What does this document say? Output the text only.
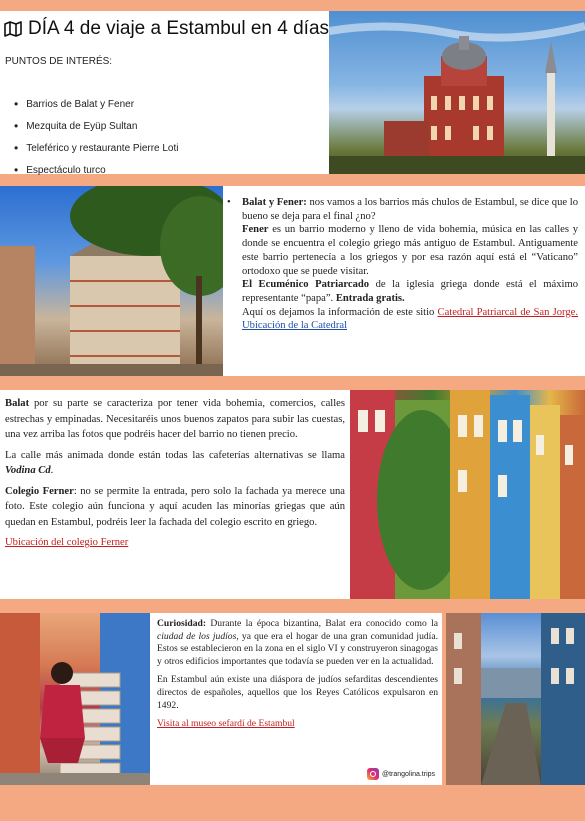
DÍA 4 de viaje a Estambul en 4 días
PUNTOS DE INTERÉS:
• Barrios de Balat y Fener
• Mezquita de Eyüp Sultan
• Teleférico y restaurante Pierre Loti
• Espectáculo turco
• Balat y Fener: nos vamos a los barrios más chulos de Estambul, se dice que lo bueno se deja para el final ¿no?
Fener es un barrio moderno y lleno de vida bohemia, música en las calles y donde se encuentra el colegio griego más antiguo de Estambul. Antiguamente este barrio pertenecía a los griegos y por esa razón aquí está el “Vaticano” ortodoxo que se puede visitar.
El Ecuménico Patriarcado de la iglesia griega donde está el máximo representante “papa”. Entrada gratis.
Aquí os dejamos la información de este sitio Catedral Patriarcal de San Jorge. Ubicación de la Catedral

Balat por su parte se caracteriza por tener vida bohemia, comercios, calles estrechas y empinadas. Necesitaréis unos buenos zapatos para subir las cuestas, una vez arriba las fotos que podréis hacer del barrio no tienen precio.

La calle más animada donde están todas las cafeterías alternativas se llama Vodina Cd.

Colegio Ferner: no se permite la entrada, pero solo la fachada ya merece una foto. Este colegio aún funciona y aquí acuden las minorías griegas que aún quedan en Estambul, podréis leer la fachada del colegio escrito en griego.

Ubicación del colegio Ferner

Curiosidad: Durante la época bizantina, Balat era conocido como la ciudad de los judíos, ya que era el hogar de una gran comunidad judía. Estos se establecieron en la zona en el siglo VI y construyeron sinagogas y otros edificios importantes que todavía se pueden ver en la actualidad.

En Estambul aún existe una diáspora de judíos sefarditas descendientes directos de españoles, aquellos que los Reyes Católicos expulsaron en 1492.

Visita al museo sefardí de Estambul

@trangolina.trips
